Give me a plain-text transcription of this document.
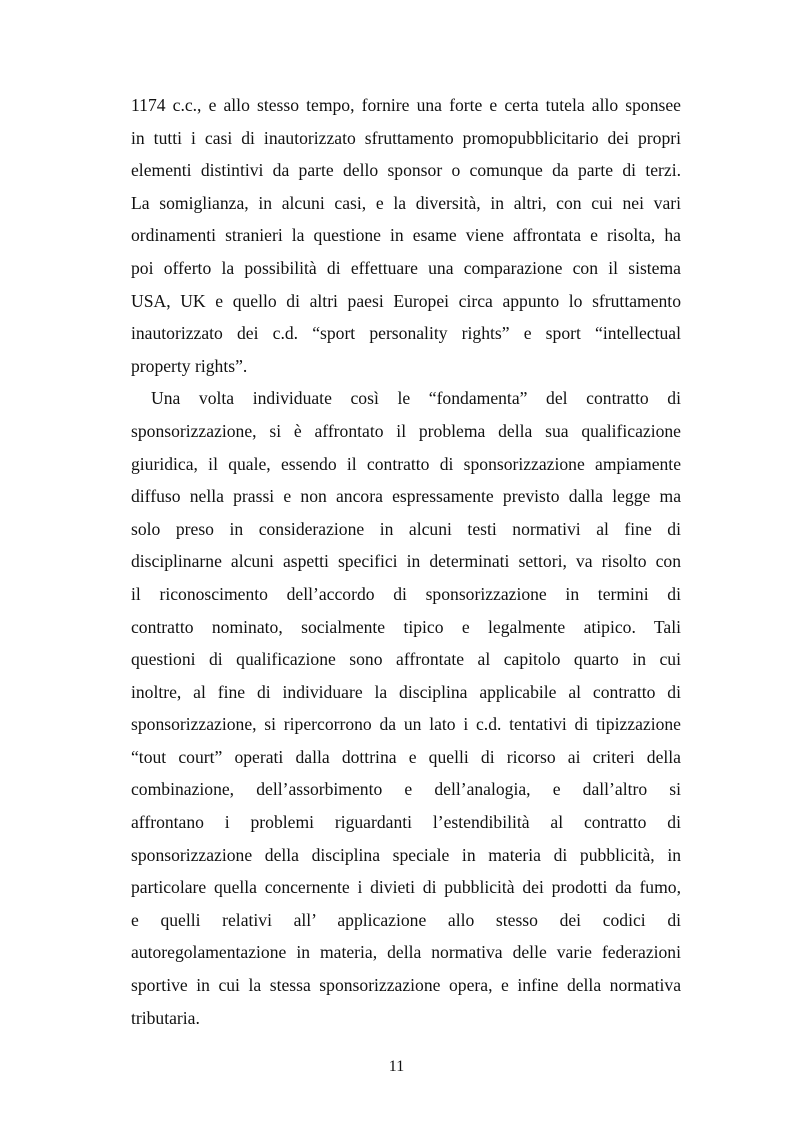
1174 c.c., e allo stesso tempo, fornire una forte e certa tutela allo sponsee
in tutti i casi di inautorizzato sfruttamento promopubblicitario dei propri
elementi distintivi da parte dello sponsor o comunque da parte di terzi.
La somiglianza, in alcuni casi, e la diversità, in altri, con cui nei vari
ordinamenti stranieri la questione in esame viene affrontata e risolta, ha
poi offerto la possibilità di effettuare una comparazione con il sistema
USA, UK e quello di altri paesi Europei circa appunto lo sfruttamento
inautorizzato dei c.d. “sport personality rights” e sport “intellectual
property rights”.
Una volta individuate così le “fondamenta” del contratto di
sponsorizzazione, si è affrontato il problema della sua qualificazione
giuridica, il quale, essendo il contratto di sponsorizzazione ampiamente
diffuso nella prassi e non ancora espressamente previsto dalla legge ma
solo preso in considerazione in alcuni testi normativi al fine di
disciplinarne alcuni aspetti specifici in determinati settori, va risolto con
il riconoscimento dell’accordo di sponsorizzazione in termini di
contratto nominato, socialmente tipico e legalmente atipico. Tali
questioni di qualificazione sono affrontate al capitolo quarto in cui
inoltre, al fine di individuare la disciplina applicabile al contratto di
sponsorizzazione, si ripercorrono da un lato i c.d. tentativi di tipizzazione
“tout court” operati dalla dottrina e quelli di ricorso ai criteri della
combinazione, dell’assorbimento e dell’analogia, e dall’altro si
affrontano i problemi riguardanti l’estendibilità al contratto di
sponsorizzazione della disciplina speciale in materia di pubblicità, in
particolare quella concernente i divieti di pubblicità dei prodotti da fumo,
e quelli relativi all’ applicazione allo stesso dei codici di
autoregolamentazione in materia, della normativa delle varie federazioni
sportive in cui la stessa sponsorizzazione opera, e infine della normativa
tributaria.
11
